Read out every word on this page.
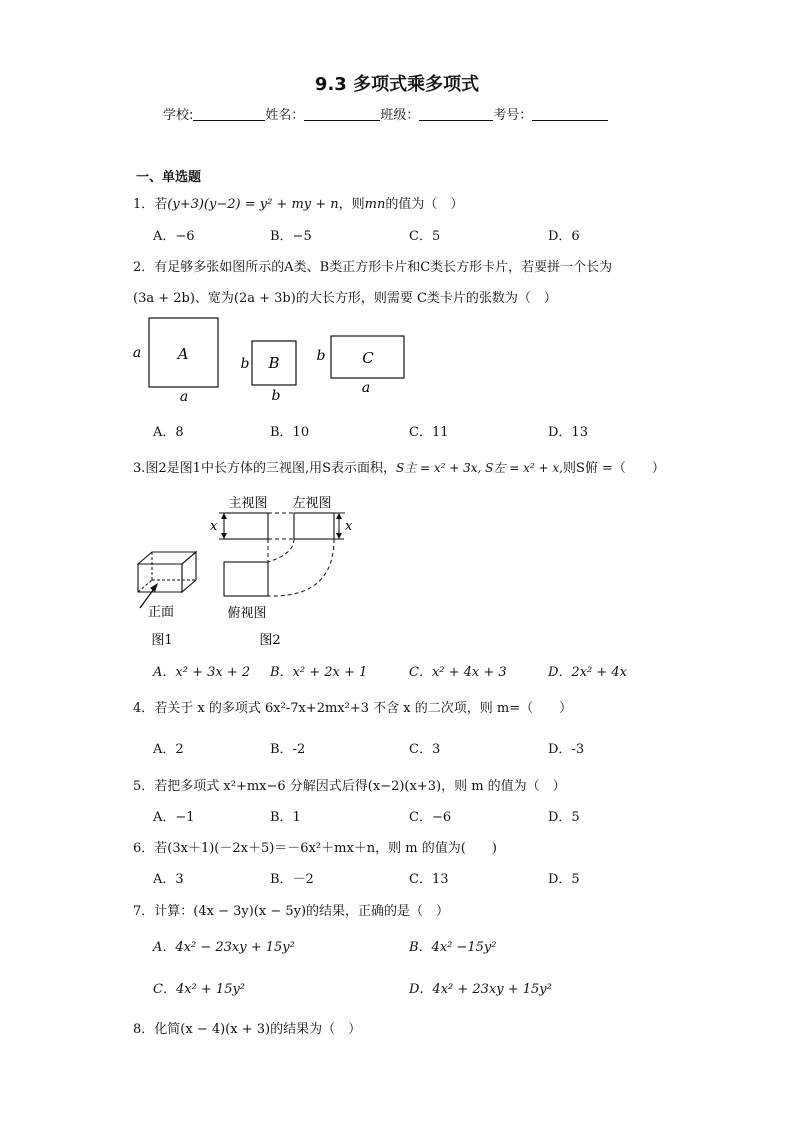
9.3 多项式乘多项式
学校:	姓名：	班级：	考号：
一、单选题
1．若(y+3)(y−2) = y² + my + n，则mn的值为（　）
A．−6	B．−5	C．5	D．6
2．有足够多张如图所示的A类、B类正方形卡片和C类长方形卡片，若要拼一个长为
(3a + 2b)、宽为(2a + 3b)的大长方形，则需要 C类卡片的张数为（　）
A
a
a
B
b
b
C
b
a
A．8	B．10	C．11	D．13
3.图2是图1中长方体的三视图,用S表示面积，S主 = x² + 3x, S左 = x² + x,则S俯 =（　　）
主视图 左视图
x	x
俯视图
正面
图1	图2
A．x² + 3x + 2 B．x² + 2x + 1	C．x² + 4x + 3	D．2x² + 4x
4．若关于 x 的多项式 6x²-7x+2mx²+3 不含 x 的二次项，则 m=（　　）
A．2	B．-2	C．3	D．-3
5．若把多项式 x²+mx−6 分解因式后得(x−2)(x+3)，则 m 的值为（　）
A．−1	B．1	C．−6	D．5
6．若(3x＋1)(－2x＋5)＝－6x²＋mx＋n，则 m 的值为(　　)
A．3	B．－2	C．13	D．5
7．计算：(4x − 3y)(x − 5y)的结果，正确的是（　）
A．4x² − 23xy + 15y²	B．4x² −15y²
C．4x² + 15y²	D．4x² + 23xy + 15y²
8．化简(x − 4)(x + 3)的结果为（　）
